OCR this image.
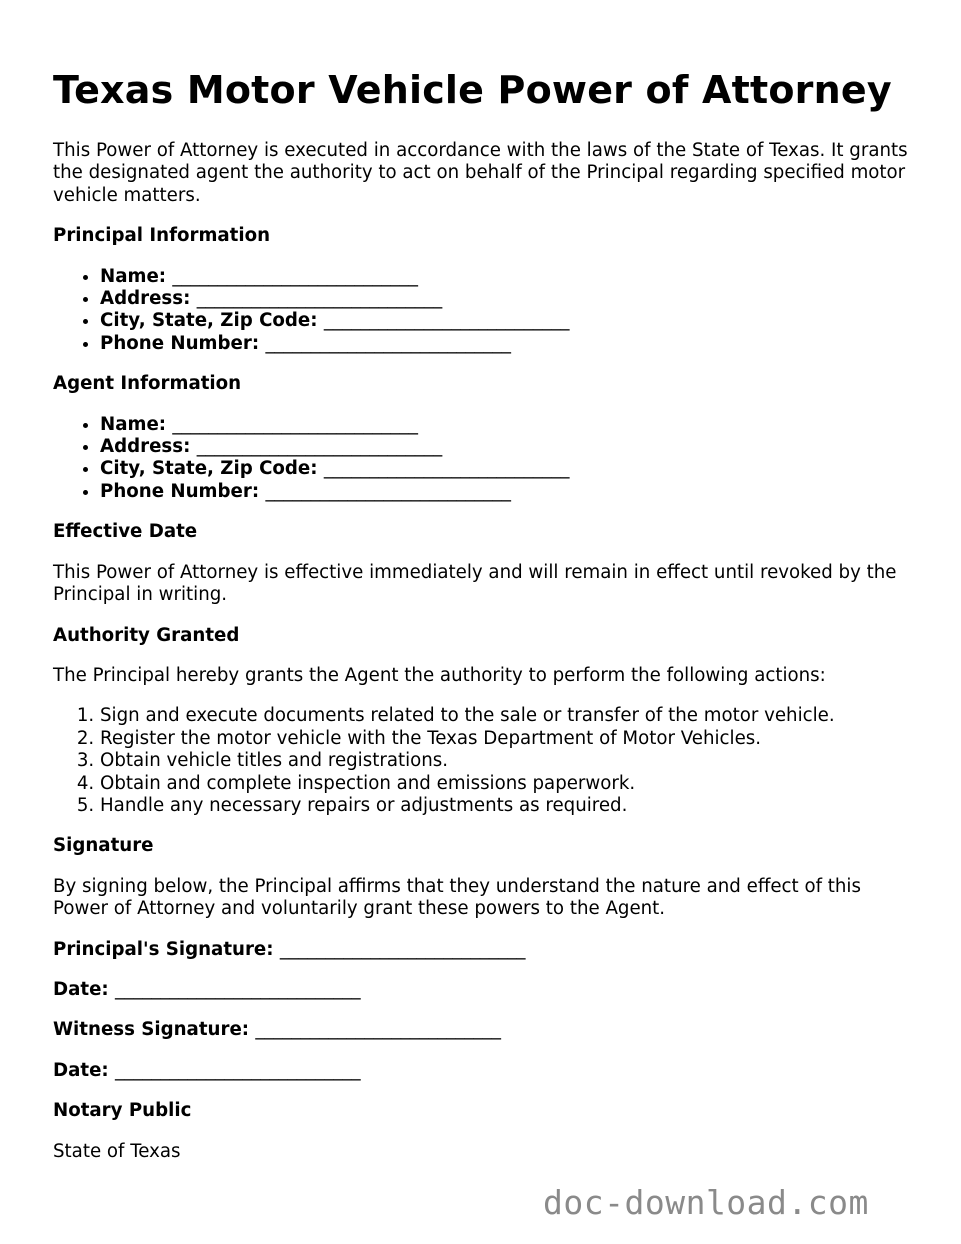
Texas Motor Vehicle Power of Attorney

This Power of Attorney is executed in accordance with the laws of the State of Texas. It grants the designated agent the authority to act on behalf of the Principal regarding specified motor vehicle matters.

Principal Information
• Name: ___________________________
• Address: ___________________________
• City, State, Zip Code: ___________________________
• Phone Number: ___________________________
Agent Information
• Name: ___________________________
• Address: ___________________________
• City, State, Zip Code: ___________________________
• Phone Number: ___________________________
Effective Date

This Power of Attorney is effective immediately and will remain in effect until revoked by the Principal in writing.

Authority Granted

The Principal hereby grants the Agent the authority to perform the following actions:

1. Sign and execute documents related to the sale or transfer of the motor vehicle.
2. Register the motor vehicle with the Texas Department of Motor Vehicles.
3. Obtain vehicle titles and registrations.
4. Obtain and complete inspection and emissions paperwork.
5. Handle any necessary repairs or adjustments as required.
Signature

By signing below, the Principal affirms that they understand the nature and effect of this Power of Attorney and voluntarily grant these powers to the Agent.

Principal's Signature: ___________________________
Date: ___________________________
Witness Signature: ___________________________
Date: ___________________________
Notary Public

State of Texas

doc-download.com
